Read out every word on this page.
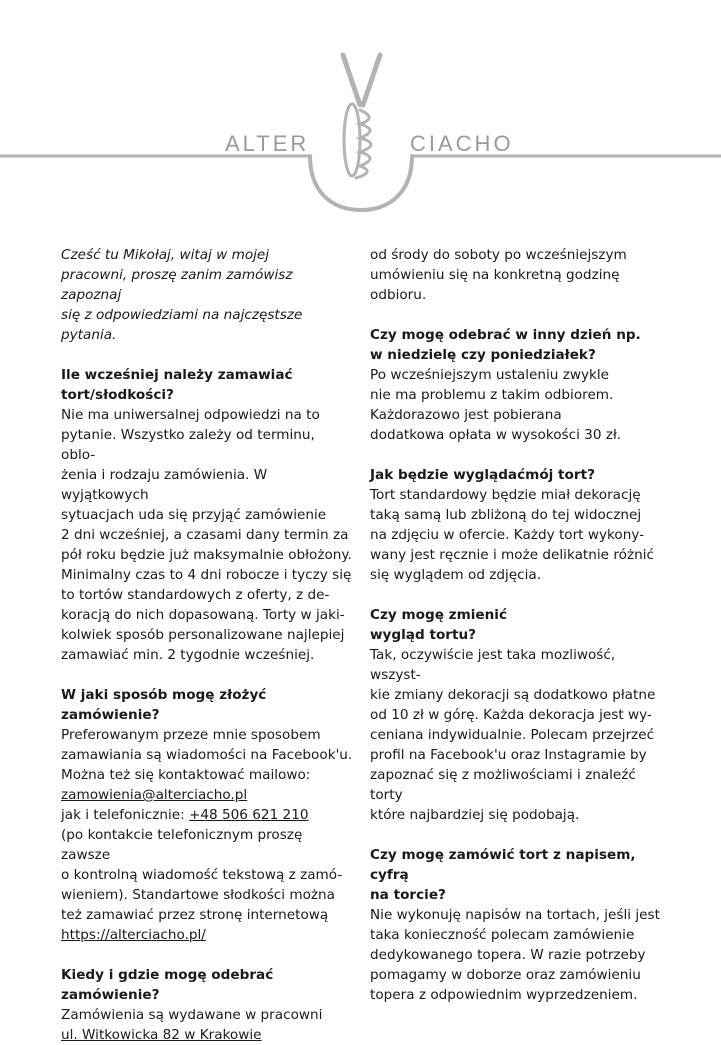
ALTER	CIACHO

Cześć tu Mikołaj, witaj w mojej

pracowni, proszę zanim zamówisz zapoznaj

się z odpowiedziami na najczęstsze pytania.

Ile wcześniej należy zamawiać

tort/słodkości?

Nie ma uniwersalnej odpowiedzi na to

pytanie. Wszystko zależy od terminu, oblo-

żenia i rodzaju zamówienia. W wyjątkowych

sytuacjach uda się przyjąć zamówienie

2 dni wcześniej, a czasami dany termin za

pół roku będzie już maksymalnie obłożony.

Minimalny czas to 4 dni robocze i tyczy się

to tortów standardowych z oferty, z de-

koracją do nich dopasowaną. Torty w jaki-

kolwiek sposób personalizowane najlepiej

zamawiać min. 2 tygodnie wcześniej.

W jaki sposób mogę złożyć

zamówienie?

Preferowanym przeze mnie sposobem

zamawiania są wiadomości na Facebook'u.

Można też się kontaktować mailowo:

zamowienia@alterciacho.pl

jak i telefonicznie: +48 506 621 210

(po kontakcie telefonicznym proszę zawsze

o kontrolną wiadomość tekstową z zamó-

wieniem). Standartowe słodkości można

też zamawiać przez stronę internetową

https://alterciacho.pl/

Kiedy i gdzie mogę odebrać

zamówienie?

Zamówienia są wydawane w pracowni

ul. Witkowicka 82 w Krakowie

od środy do soboty po wcześniejszym

umówieniu się na konkretną godzinę

odbioru.

Czy mogę odebrać w inny dzień np.

w niedzielę czy poniedziałek?

Po wcześniejszym ustaleniu zwykle

nie ma problemu z takim odbiorem.

Każdorazowo jest pobierana

dodatkowa opłata w wysokości 30 zł.

Jak będzie wyglądaćmój tort?

Tort standardowy będzie miał dekorację

taką samą lub zbliżoną do tej widocznej

na zdjęciu w ofercie. Każdy tort wykony-

wany jest ręcznie i może delikatnie różnić

się wyglądem od zdjęcia.

Czy mogę zmienić

wygląd tortu?

Tak, oczywiście jest taka mozliwość, wszyst-

kie zmiany dekoracji są dodatkowo płatne

od 10 zł w górę. Każda dekoracja jest wy-

ceniana indywidualnie. Polecam przejrzeć

profil na Facebook'u oraz Instagramie by

zapoznać się z możliwościami i znaleźć torty

które najbardziej się podobają.

Czy mogę zamówić tort z napisem, cyfrą

na torcie?

Nie wykonuję napisów na tortach, jeśli jest

taka konieczność polecam zamówienie

dedykowanego topera. W razie potrzeby

pomagamy w doborze oraz zamówieniu

topera z odpowiednim wyprzedzeniem.
